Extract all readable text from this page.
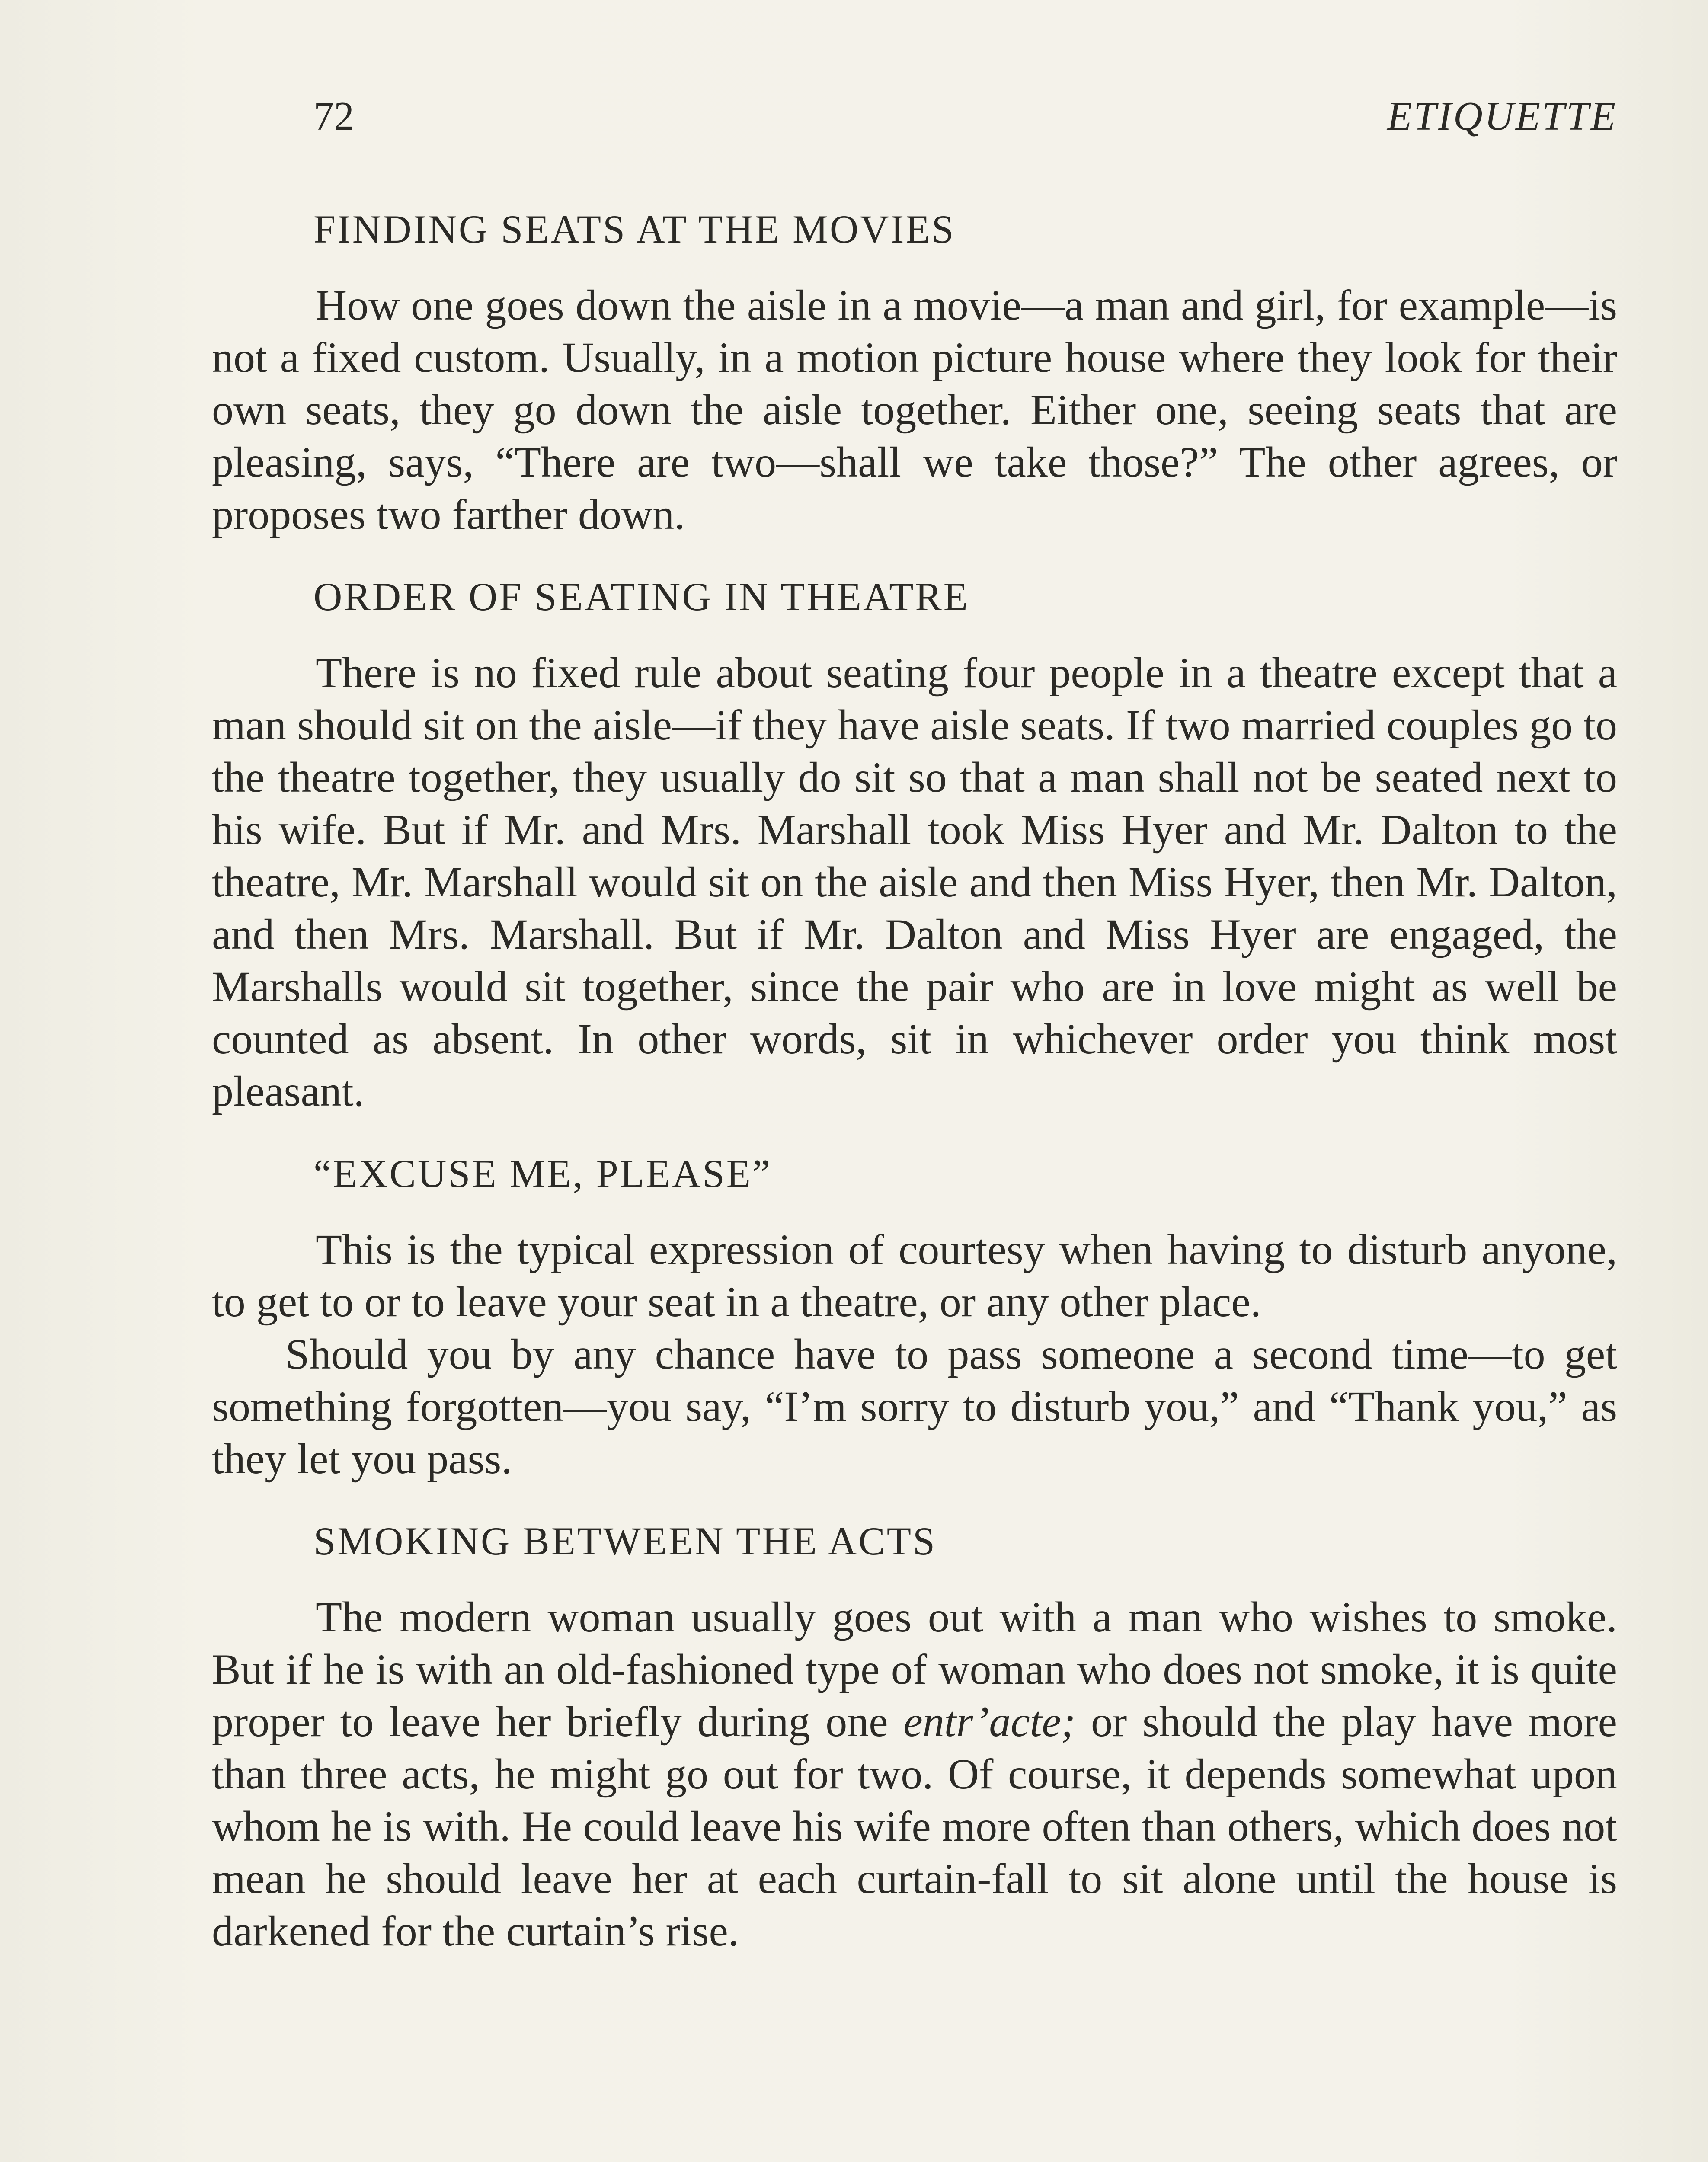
72	ETIQUETTE
FINDING SEATS AT THE MOVIES

How one goes down the aisle in a movie—a man and girl, for example—is not a fixed custom. Usually, in a motion picture house where they look for their own seats, they go down the aisle together. Either one, seeing seats that are pleasing, says, “There are two—shall we take those?” The other agrees, or proposes two farther down.

ORDER OF SEATING IN THEATRE

There is no fixed rule about seating four people in a theatre except that a man should sit on the aisle—if they have aisle seats. If two married couples go to the theatre together, they usually do sit so that a man shall not be seated next to his wife. But if Mr. and Mrs. Marshall took Miss Hyer and Mr. Dalton to the theatre, Mr. Marshall would sit on the aisle and then Miss Hyer, then Mr. Dalton, and then Mrs. Marshall. But if Mr. Dalton and Miss Hyer are engaged, the Marshalls would sit together, since the pair who are in love might as well be counted as absent. In other words, sit in whichever order you think most pleasant.

“EXCUSE ME, PLEASE”

This is the typical expression of courtesy when having to disturb anyone, to get to or to leave your seat in a theatre, or any other place.

Should you by any chance have to pass someone a second time—to get something forgotten—you say, “I’m sorry to disturb you,” and “Thank you,” as they let you pass.

SMOKING BETWEEN THE ACTS

The modern woman usually goes out with a man who wishes to smoke. But if he is with an old-fashioned type of woman who does not smoke, it is quite proper to leave her briefly during one entr’acte; or should the play have more than three acts, he might go out for two. Of course, it depends somewhat upon whom he is with. He could leave his wife more often than others, which does not mean he should leave her at each curtain-fall to sit alone until the house is darkened for the curtain’s rise.
